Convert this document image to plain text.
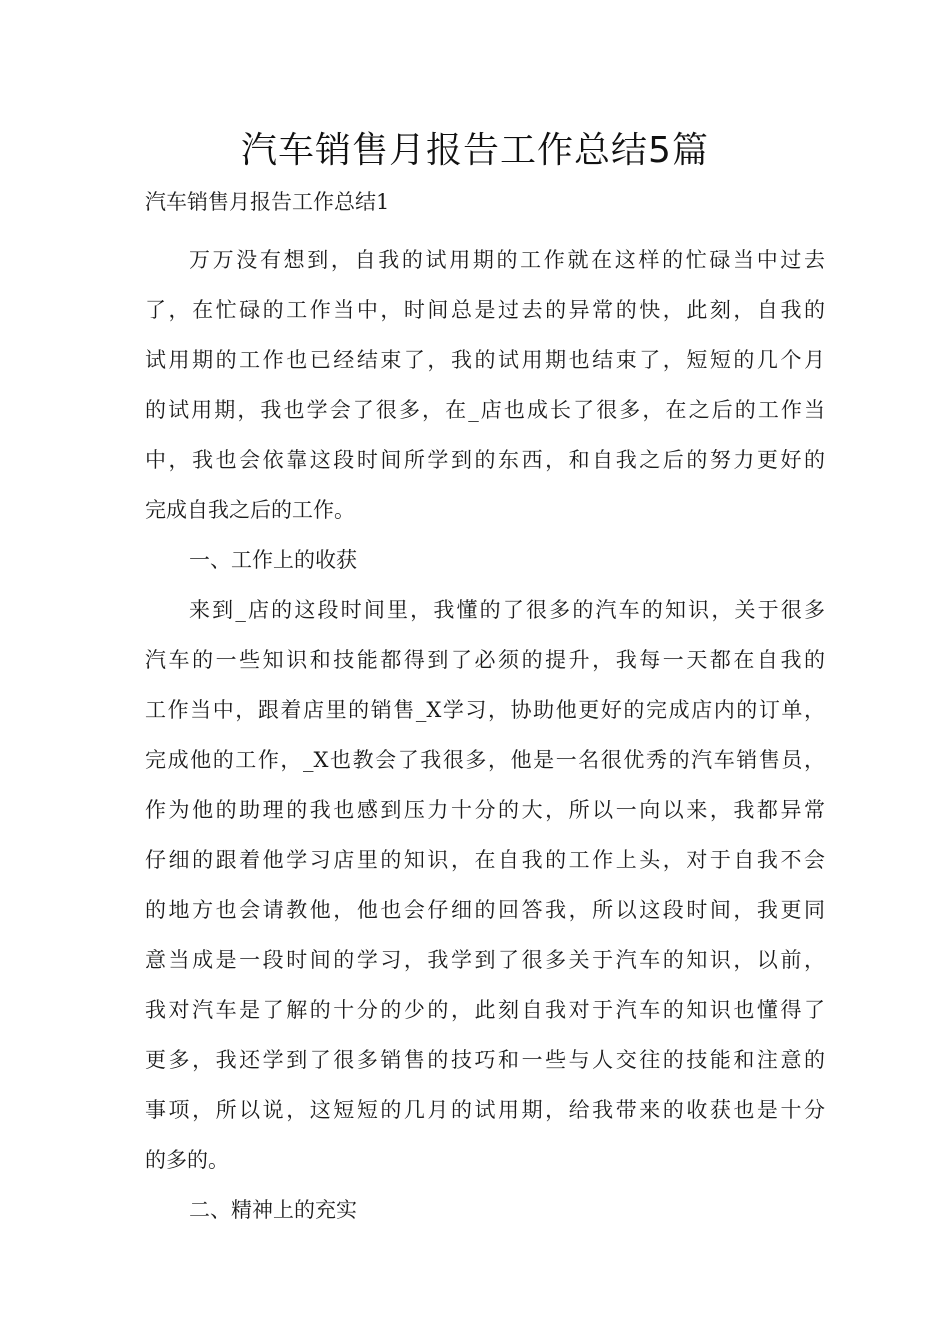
汽车销售月报告工作总结5篇
汽车销售月报告工作总结1

万万没有想到，自我的试用期的工作就在这样的忙碌当中过去
了，在忙碌的工作当中，时间总是过去的异常的快，此刻，自我的
试用期的工作也已经结束了，我的试用期也结束了，短短的几个月
的试用期，我也学会了很多，在_店也成长了很多，在之后的工作当
中，我也会依靠这段时间所学到的东西，和自我之后的努力更好的
完成自我之后的工作。

一、工作上的收获

来到_店的这段时间里，我懂的了很多的汽车的知识，关于很多
汽车的一些知识和技能都得到了必须的提升，我每一天都在自我的
工作当中，跟着店里的销售_X学习，协助他更好的完成店内的订单，
完成他的工作，_X也教会了我很多，他是一名很优秀的汽车销售员，
作为他的助理的我也感到压力十分的大，所以一向以来，我都异常
仔细的跟着他学习店里的知识，在自我的工作上头，对于自我不会
的地方也会请教他，他也会仔细的回答我，所以这段时间，我更同
意当成是一段时间的学习，我学到了很多关于汽车的知识，以前，
我对汽车是了解的十分的少的，此刻自我对于汽车的知识也懂得了
更多，我还学到了很多销售的技巧和一些与人交往的技能和注意的
事项，所以说，这短短的几月的试用期，给我带来的收获也是十分
的多的。

二、精神上的充实
